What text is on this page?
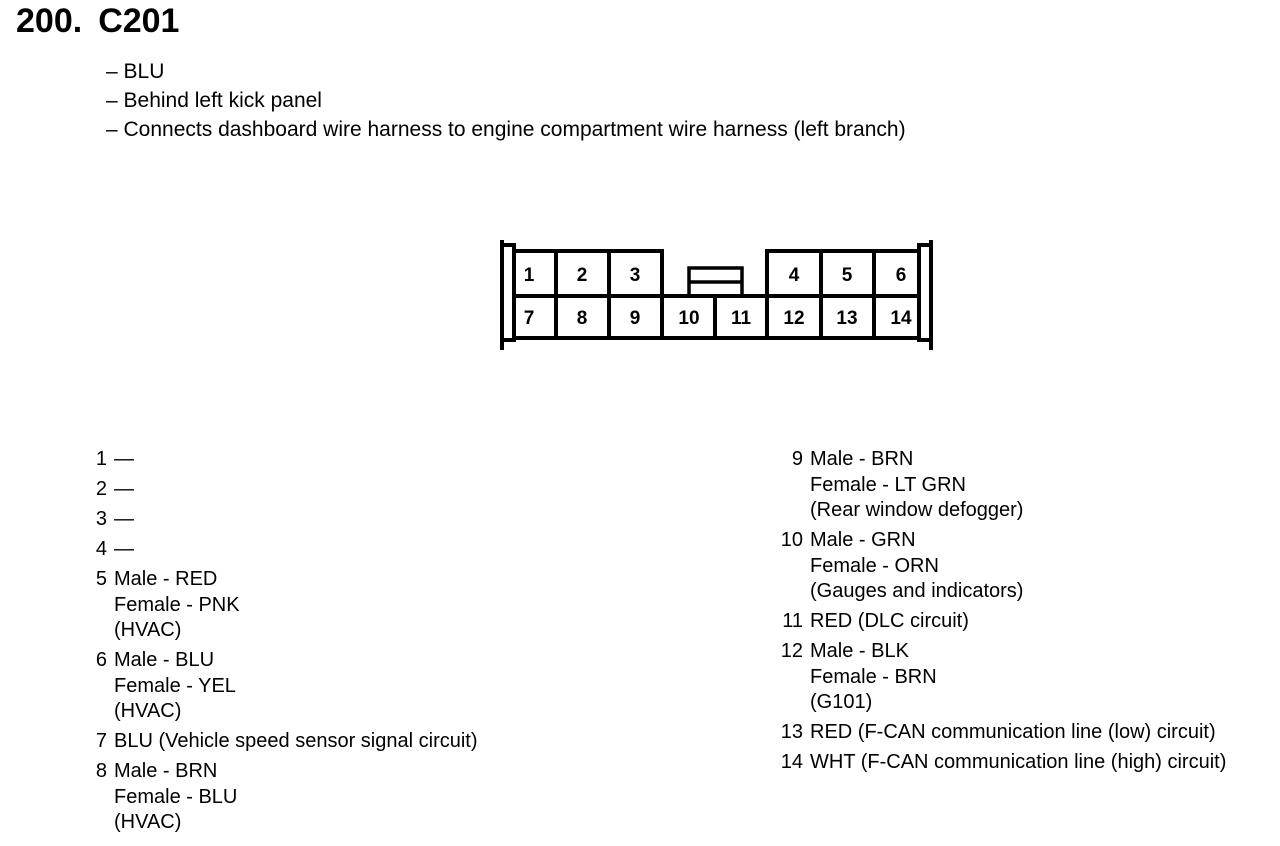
200. C201
– BLU
– Behind left kick panel
– Connects dashboard wire harness to engine compartment wire harness (left branch)
1 2 3	4 5 6
7 8 9 10 11 12 13 14
1 —
2 —
3 —
4 —
5 Male - RED
Female - PNK
(HVAC)
6 Male - BLU
Female - YEL
(HVAC)
7 BLU (Vehicle speed sensor signal circuit)
8 Male - BRN
Female - BLU
(HVAC)
9 Male - BRN
Female - LT GRN
(Rear window defogger)
10 Male - GRN
Female - ORN
(Gauges and indicators)
11 RED (DLC circuit)
12 Male - BLK
Female - BRN
(G101)
13 RED (F-CAN communication line (low) circuit)
14 WHT (F-CAN communication line (high) circuit)
